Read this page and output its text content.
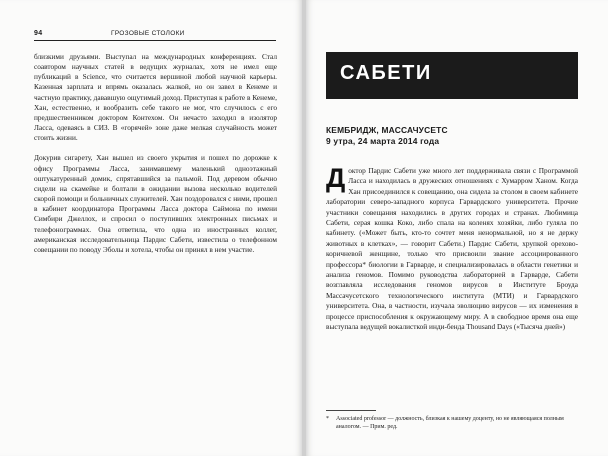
94	ГРОЗОВЫЕ СТОЛОКИ

близкими друзьями. Выступал на международных конференциях. Стал соавтором научных статей в ведущих журналах, хотя не имел еще публикаций в Science, что считается вершиной любой научной карьеры. Казенная зарплата и впрямь оказалась жалкой, но он завел в Кенеме и частную практику, дававшую ощутимый доход. Приступая к работе в Кенеме, Хан, естественно, и вообразить себе такого не мог, что случилось с его предшественником доктором Контехом. Он нечасто заходил в изолятор Ласса, одеваясь в СИЗ. В «горячей» зоне даже мелкая случайность может стоить жизни.

Докурив сигарету, Хан вышел из своего укрытия и пошел по дорожке к офису Программы Ласса, занимавшему маленький одноэтажный оштукатуренный домик, спрятавшийся за пальмой. Под деревом обычно сидели на скамейке и болтали в ожидании вызова несколько водителей скорой помощи и больничных служителей. Хан поздоровался с ними, прошел в кабинет координатора Программы Ласса доктора Саймона по имени Симбири Джеллох, и спросил о поступивших электронных письмах и телефонограммах. Она ответила, что одна из иностранных коллег, американская исследовательница Пардис Сабети, известила о телефонном совещании по поводу Эболы и хотела, чтобы он принял в нем участие.

САБЕТИ
КЕМБРИДЖ, МАССАЧУСЕТС
9 утра, 24 марта 2014 года
Д октор Пардис Сабети уже много лет поддерживала связи с Программой Ласса и находилась в дружеских отношениях с Хумарром Ханом. Когда Хан присоединился к совещанию, она сидела за столом в своем кабинете лаборатории северо-западного корпуса Гарвардского университета. Прочие участники совещания находились в других городах и странах. Любимица Сабети, серая кошка Коко, либо спала на коленях хозяйки, либо гуляла по кабинету. («Может быть, кто-то сочтет меня ненормальной, но я не держу животных в клетках», — говорит Сабети.) Пардис Сабети, хрупкой орехово-коричневой женщине, только что присвоили звание ассоциированного профессора* биологии в Гарварде, и специализировалась в области генетики и анализа геномов. Помимо руководства лабораторией в Гарварде, Сабети возглавляла исследования геномов вирусов в Институте Броуда Массачусетского технологического института (МТИ) и Гарвардского университета. Она, в частности, изучала эволюцию вирусов — их изменения в процессе приспособления к окружающему миру. А в свободное время она еще выступала ведущей вокалисткой инди-бенда Thousand Days («Тысяча дней»)
* Associated professor — должность, близкая к нашему доценту, но не являющаяся полным аналогом. — Прим. ред.
